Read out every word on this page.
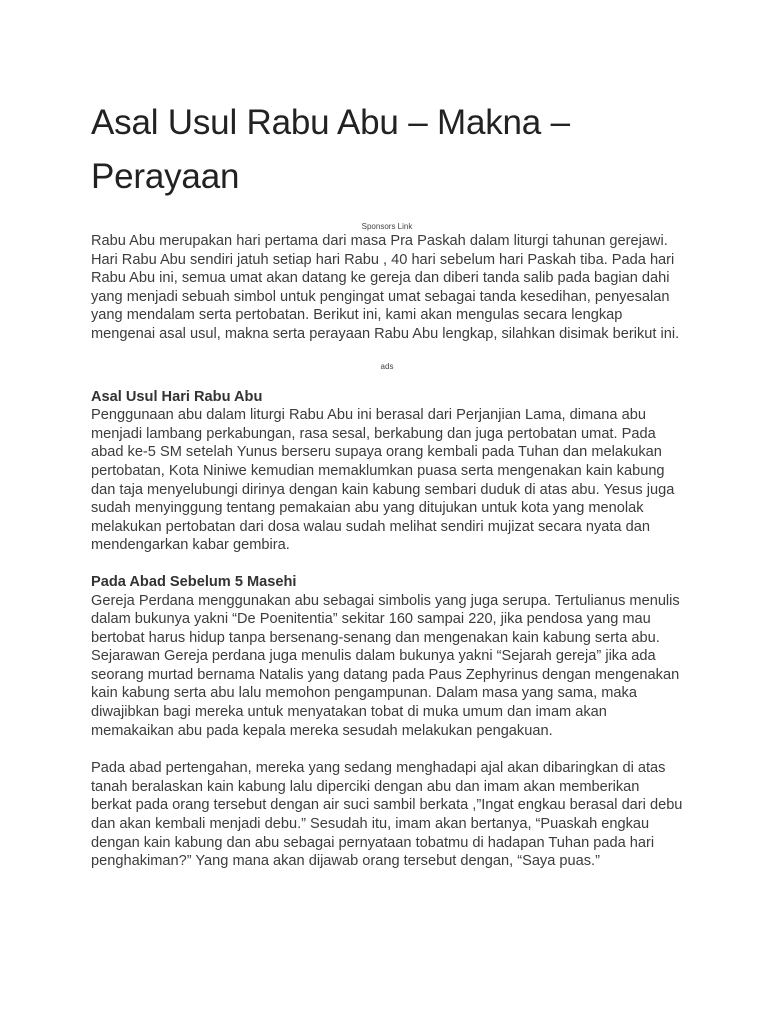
Asal Usul Rabu Abu – Makna – Perayaan
Sponsors Link

Rabu Abu merupakan hari pertama dari masa Pra Paskah dalam liturgi tahunan gerejawi. Hari Rabu Abu sendiri jatuh setiap hari Rabu , 40 hari sebelum hari Paskah tiba. Pada hari Rabu Abu ini, semua umat akan datang ke gereja dan diberi tanda salib pada bagian dahi yang menjadi sebuah simbol untuk pengingat umat sebagai tanda kesedihan, penyesalan yang mendalam serta pertobatan. Berikut ini, kami akan mengulas secara lengkap mengenai asal usul, makna serta perayaan Rabu Abu lengkap, silahkan disimak berikut ini.

ads
Asal Usul Hari Rabu Abu

Penggunaan abu dalam liturgi Rabu Abu ini berasal dari Perjanjian Lama, dimana abu menjadi lambang perkabungan, rasa sesal, berkabung dan juga pertobatan umat. Pada abad ke-5 SM setelah Yunus berseru supaya orang kembali pada Tuhan dan melakukan pertobatan, Kota Niniwe kemudian memaklumkan puasa serta mengenakan kain kabung dan taja menyelubungi dirinya dengan kain kabung sembari duduk di atas abu. Yesus juga sudah menyinggung tentang pemakaian abu yang ditujukan untuk kota yang menolak melakukan pertobatan dari dosa walau sudah melihat sendiri mujizat secara nyata dan mendengarkan kabar gembira.

Pada Abad Sebelum 5 Masehi

Gereja Perdana menggunakan abu sebagai simbolis yang juga serupa. Tertulianus menulis dalam bukunya yakni “De Poenitentia” sekitar 160 sampai 220, jika pendosa yang mau bertobat harus hidup tanpa bersenang-senang dan mengenakan kain kabung serta abu. Sejarawan Gereja perdana juga menulis dalam bukunya yakni “Sejarah gereja” jika ada seorang murtad bernama Natalis yang datang pada Paus Zephyrinus dengan mengenakan kain kabung serta abu lalu memohon pengampunan. Dalam masa yang sama, maka diwajibkan bagi mereka untuk menyatakan tobat di muka umum dan imam akan memakaikan abu pada kepala mereka sesudah melakukan pengakuan.

Pada abad pertengahan, mereka yang sedang menghadapi ajal akan dibaringkan di atas tanah beralaskan kain kabung lalu diperciki dengan abu dan imam akan memberikan berkat pada orang tersebut dengan air suci sambil berkata ,”Ingat engkau berasal dari debu dan akan kembali menjadi debu.” Sesudah itu, imam akan bertanya, “Puaskah engkau dengan kain kabung dan abu sebagai pernyataan tobatmu di hadapan Tuhan pada hari penghakiman?” Yang mana akan dijawab orang tersebut dengan, “Saya puas.”
